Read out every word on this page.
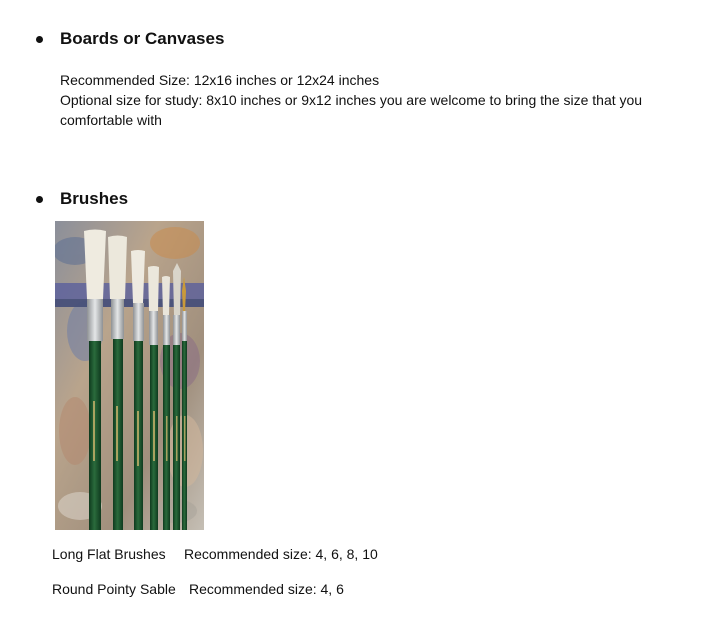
Boards or Canvases
Recommended Size: 12x16 inches or 12x24 inches
Optional size for study: 8x10 inches or 9x12 inches you are welcome to bring the size that you
comfortable with
Brushes
Long Flat Brushes Recommended size: 4, 6, 8, 10
Round Pointy Sable Recommended size: 4, 6
